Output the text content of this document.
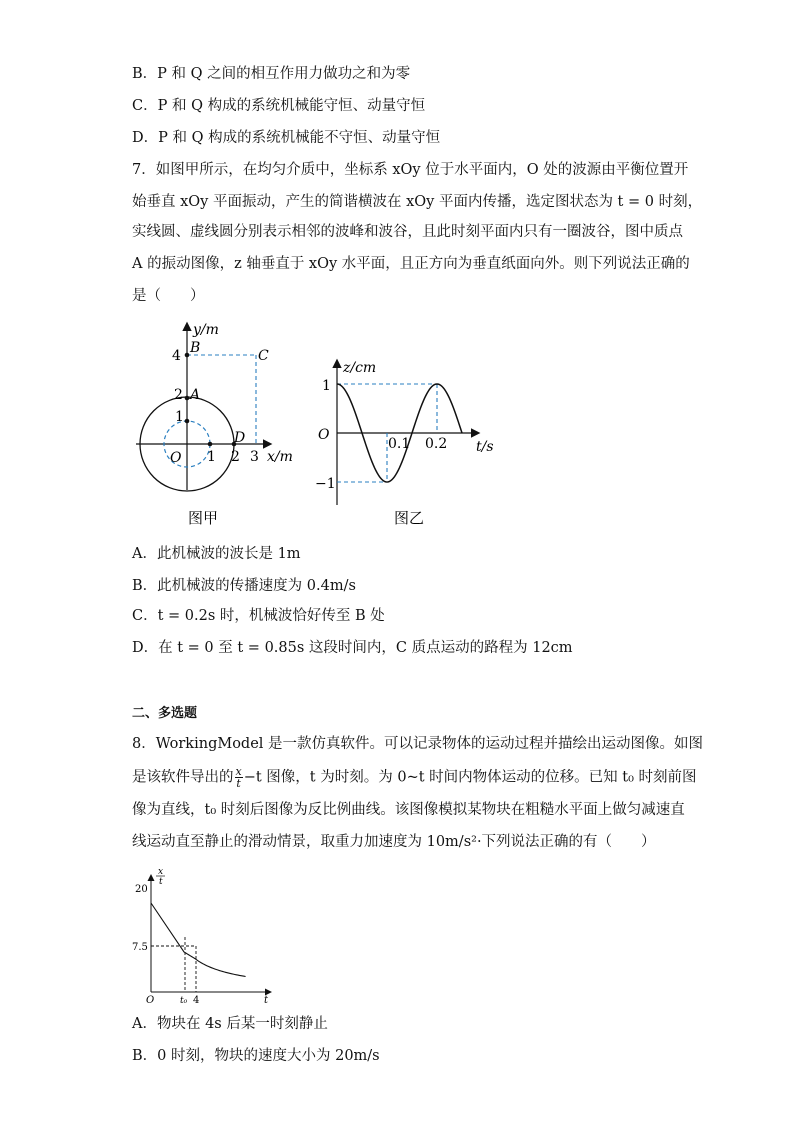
B．P 和 Q 之间的相互作用力做功之和为零
C．P 和 Q 构成的系统机械能守恒、动量守恒
D．P 和 Q 构成的系统机械能不守恒、动量守恒
7．如图甲所示，在均匀介质中，坐标系 xOy 位于水平面内，O 处的波源由平衡位置开
始垂直 xOy 平面振动，产生的简谐横波在 xOy 平面内传播，选定图状态为 t = 0 时刻，
实线圆、虚线圆分别表示相邻的波峰和波谷，且此时刻平面内只有一圈波谷，图中质点
A 的振动图像，z 轴垂直于 xOy 水平面，且正方向为垂直纸面向外。则下列说法正确的
是（　　）
y/m
x/m
B	C
A
D
O
4
2
1
1 2 3
图甲
z/cm
t/s
O
1
−1
0.1 0.2
图乙
A．此机械波的波长是 1m
B．此机械波的传播速度为 0.4m/s
C．t = 0.2s 时，机械波恰好传至 B 处
D．在 t = 0 至 t = 0.85s 这段时间内，C 质点运动的路程为 12cm
二、多选题
8．WorkingModel 是一款仿真软件。可以记录物体的运动过程并描绘出运动图像。如图
是该软件导出的 $\frac{x}{t} -t$ 图像，t 为时刻。为 0~t 时间内物体运动的位移。已知 t₀ 时刻前图
像为直线，t₀ 时刻后图像为反比例曲线。该图像模拟某物块在粗糙水平面上做匀减速直
线运动直至静止的滑动情景，取重力加速度为 10m/s²·下列说法正确的有（　　）
x
t
20
7.5
O	t₀ 4	t
A．物块在 4s 后某一时刻静止
B．0 时刻，物块的速度大小为 20m/s
